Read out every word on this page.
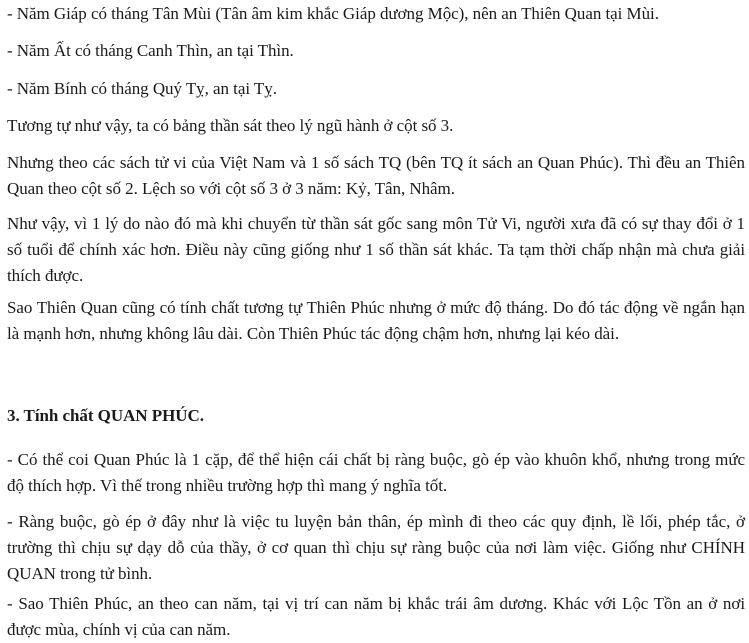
- Năm Giáp có tháng Tân Mùi (Tân âm kim khắc Giáp dương Mộc), nên an Thiên Quan tại Mùi.

- Năm Ất có tháng Canh Thìn, an tại Thìn.

- Năm Bính có tháng Quý Tỵ, an tại Tỵ.

Tương tự như vậy, ta có bảng thần sát theo lý ngũ hành ở cột số 3.

Nhưng theo các sách tử vi của Việt Nam và 1 số sách TQ (bên TQ ít sách an Quan Phúc). Thì đều an Thiên Quan theo cột số 2. Lệch so với cột số 3 ở 3 năm: Kỷ, Tân, Nhâm.

Như vậy, vì 1 lý do nào đó mà khi chuyển từ thần sát gốc sang môn Tử Vi, người xưa đã có sự thay đổi ở 1 số tuổi để chính xác hơn. Điều này cũng giống như 1 số thần sát khác. Ta tạm thời chấp nhận mà chưa giải thích được.

Sao Thiên Quan cũng có tính chất tương tự Thiên Phúc nhưng ở mức độ tháng. Do đó tác động về ngắn hạn là mạnh hơn, nhưng không lâu dài. Còn Thiên Phúc tác động chậm hơn, nhưng lại kéo dài.

3. Tính chất QUAN PHÚC.

- Có thể coi Quan Phúc là 1 cặp, để thể hiện cái chất bị ràng buộc, gò ép vào khuôn khổ, nhưng trong mức độ thích hợp. Vì thế trong nhiều trường hợp thì mang ý nghĩa tốt.

- Ràng buộc, gò ép ở đây như là việc tu luyện bản thân, ép mình đi theo các quy định, lề lối, phép tắc, ở trường thì chịu sự dạy dỗ của thầy, ở cơ quan thì chịu sự ràng buộc của nơi làm việc. Giống như CHÍNH QUAN trong tử bình.

- Sao Thiên Phúc, an theo can năm, tại vị trí can năm bị khắc trái âm dương. Khác với Lộc Tồn an ở nơi được mùa, chính vị của can năm.
